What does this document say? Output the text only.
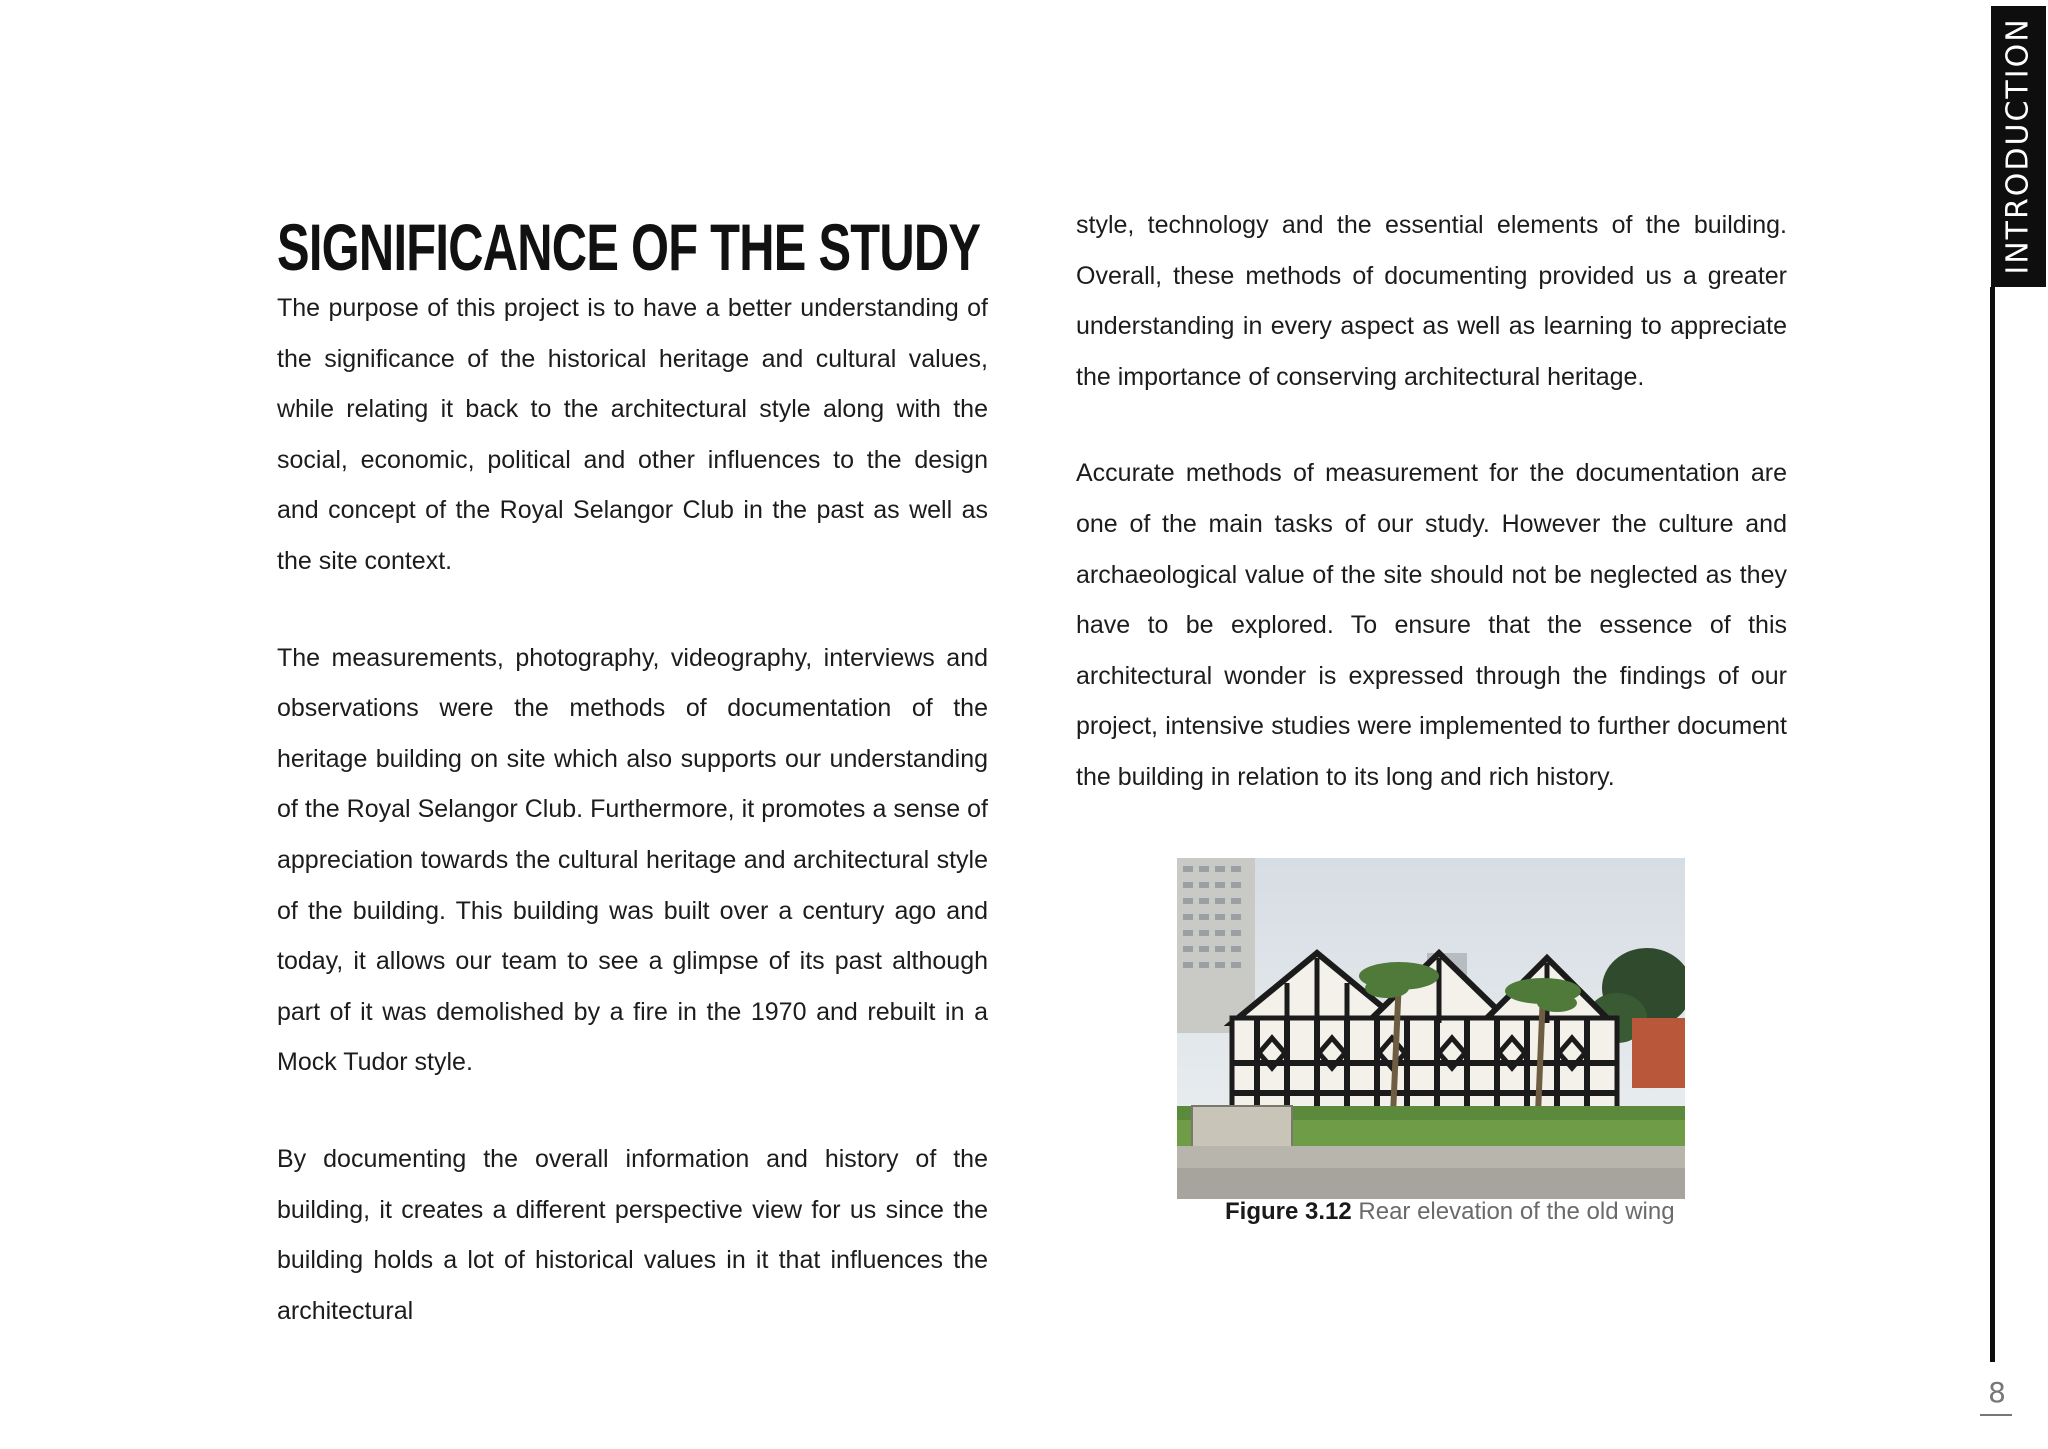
SIGNIFICANCE OF THE STUDY

The purpose of this project is to have a better understanding of the significance of the historical heritage and cultural values, while relating it back to the architectural style along with the social, economic, political and other influences to the design and concept of the Royal Selangor Club in the past as well as the site context.

The measurements, photography, videography, interviews and observations were the methods of documentation of the heritage building on site which also supports our understanding of the Royal Selangor Club. Furthermore, it promotes a sense of appreciation towards the cultural heritage and architectural style of the building. This building was built over a century ago and today, it allows our team to see a glimpse of its past although part of it was demolished by a fire in the 1970 and rebuilt in a Mock Tudor style.

By documenting the overall information and history of the building, it creates a different perspective view for us since the building holds a lot of historical values in it that influences the architectural

style, technology and the essential elements of the building. Overall, these methods of documenting provided us a greater understanding in every aspect as well as learning to appreciate the importance of conserving architectural heritage.

Accurate methods of measurement for the documentation are one of the main tasks of our study. However the culture and archaeological value of the site should not be neglected as they have to be explored. To ensure that the essence of this architectural wonder is expressed through the findings of our project, intensive studies were implemented to further document the building in relation to its long and rich history.

Figure 3.12 Rear elevation of the old wing
INTRODUCTION
8
